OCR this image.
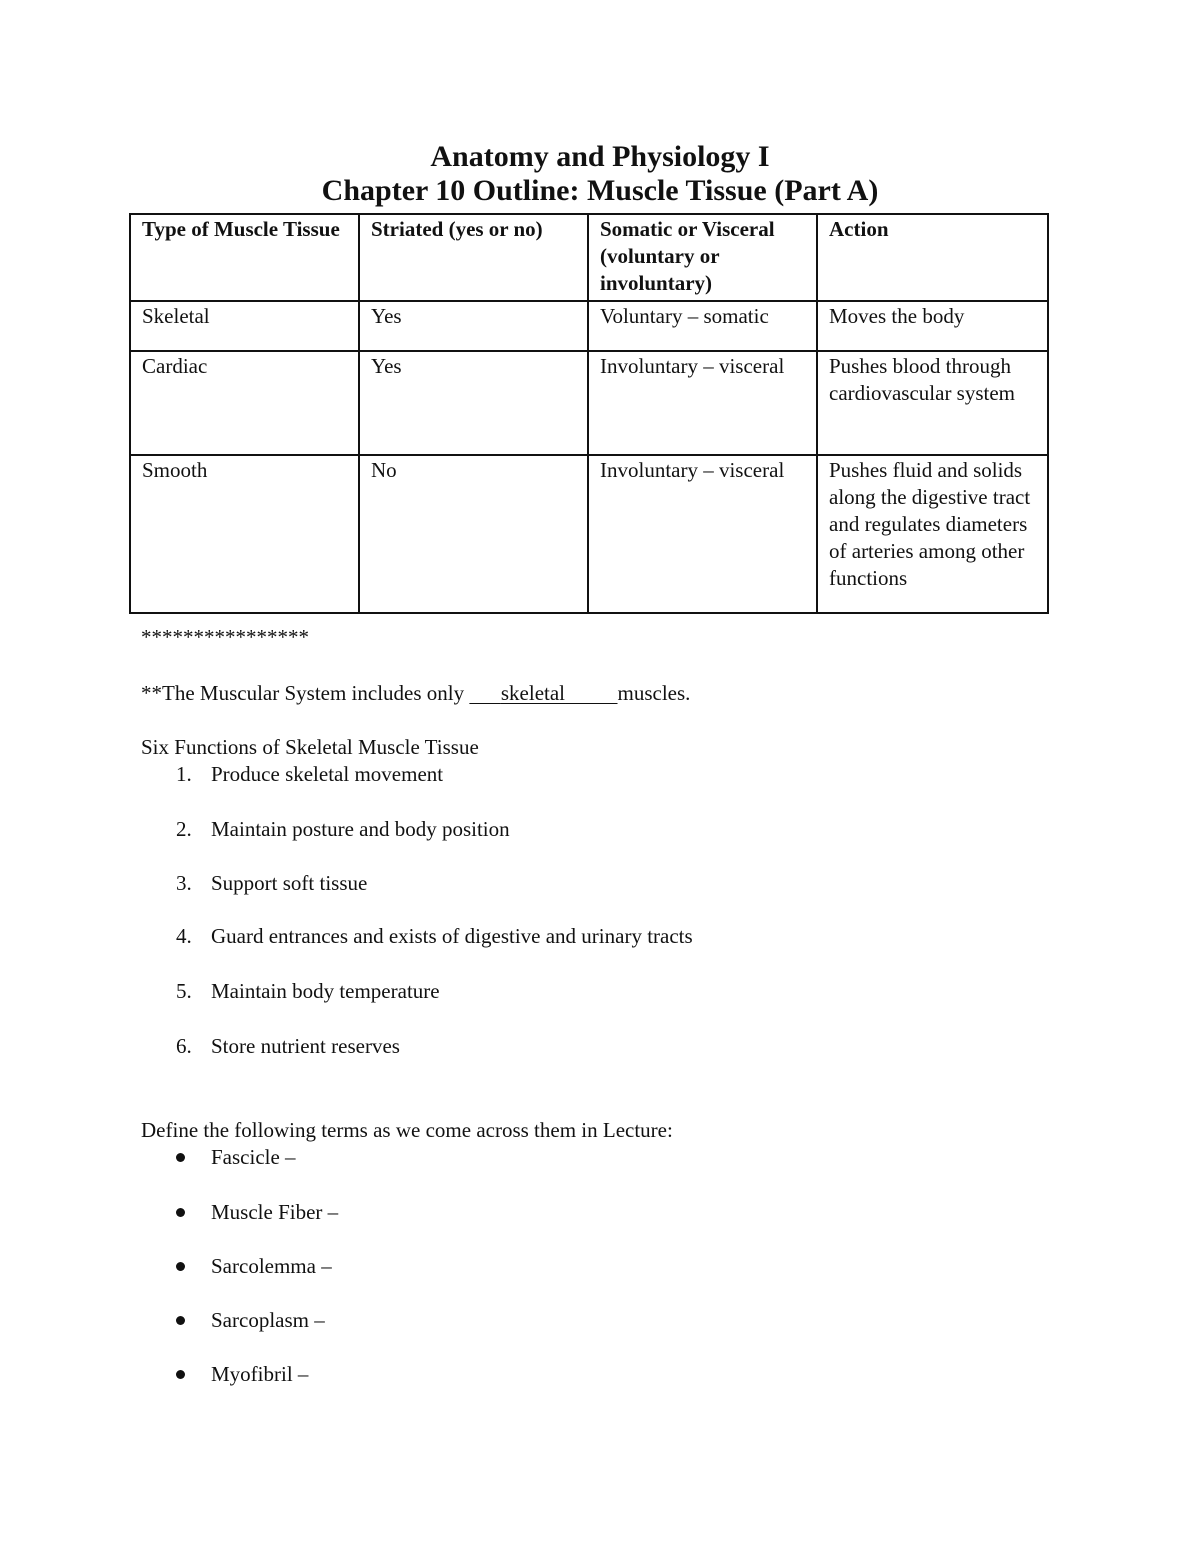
Anatomy and Physiology I
Chapter 10 Outline: Muscle Tissue (Part A)
Type of Muscle Tissue	Striated (yes or no)	Somatic or Visceral (voluntary or involuntary)	Action
Skeletal	Yes	Voluntary – somatic	Moves the body
Cardiac	Yes	Involuntary – visceral	Pushes blood through cardiovascular system
Smooth	No	Involuntary – visceral	Pushes fluid and solids along the digestive tract and regulates diameters of arteries among other functions
****************
**The Muscular System includes only       skeletal	muscles.
Six Functions of Skeletal Muscle Tissue
1. Produce skeletal movement
2. Maintain posture and body position
3. Support soft tissue
4. Guard entrances and exists of digestive and urinary tracts
5. Maintain body temperature
6. Store nutrient reserves
Define the following terms as we come across them in Lecture:
Fascicle –
Muscle Fiber –
Sarcolemma –
Sarcoplasm –
Myofibril –
